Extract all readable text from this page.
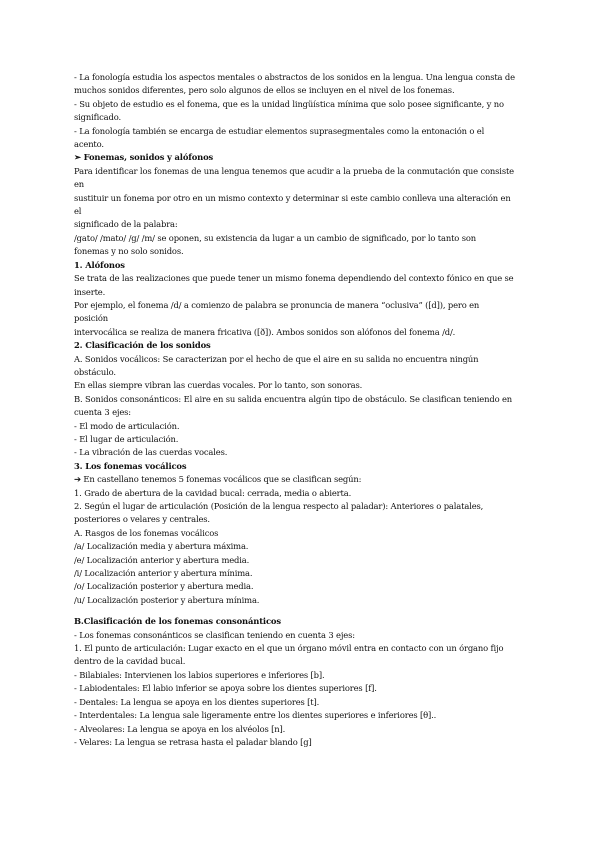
- La fonología estudia los aspectos mentales o abstractos de los sonidos en la lengua. Una lengua consta de
muchos sonidos diferentes, pero solo algunos de ellos se incluyen en el nivel de los fonemas.
- Su objeto de estudio es el fonema, que es la unidad lingüística mínima que solo posee significante, y no
significado.
- La fonología también se encarga de estudiar elementos suprasegmentales como la entonación o el
acento.
➢ Fonemas, sonidos y alófonos
Para identificar los fonemas de una lengua tenemos que acudir a la prueba de la conmutación que consiste
en
sustituir un fonema por otro en un mismo contexto y determinar si este cambio conlleva una alteración en
el
significado de la palabra:
/gato/ /mato/ /g/ /m/ se oponen, su existencia da lugar a un cambio de significado, por lo tanto son
fonemas y no solo sonidos.
1. Alófonos
Se trata de las realizaciones que puede tener un mismo fonema dependiendo del contexto fónico en que se
inserte.
Por ejemplo, el fonema /d/ a comienzo de palabra se pronuncia de manera “oclusiva” ([d]), pero en
posición
intervocálica se realiza de manera fricativa ([ð]). Ambos sonidos son alófonos del fonema /d/.
2. Clasificación de los sonidos
A. Sonidos vocálicos: Se caracterizan por el hecho de que el aire en su salida no encuentra ningún
obstáculo.
En ellas siempre vibran las cuerdas vocales. Por lo tanto, son sonoras.
B. Sonidos consonánticos: El aire en su salida encuentra algún tipo de obstáculo. Se clasifican teniendo en
cuenta 3 ejes:
- El modo de articulación.
- El lugar de articulación.
- La vibración de las cuerdas vocales.
3. Los fonemas vocálicos
➔ En castellano tenemos 5 fonemas vocálicos que se clasifican según:
1. Grado de abertura de la cavidad bucal: cerrada, media o abierta.
2. Según el lugar de articulación (Posición de la lengua respecto al paladar): Anteriores o palatales,
posteriores o velares y centrales.
A. Rasgos de los fonemas vocálicos
/a/ Localización media y abertura máxima.
/e/ Localización anterior y abertura media.
/i/ Localización anterior y abertura mínima.
/o/ Localización posterior y abertura media.
/u/ Localización posterior y abertura mínima.
B.Clasificación de los fonemas consonánticos
- Los fonemas consonánticos se clasifican teniendo en cuenta 3 ejes:
1. El punto de articulación: Lugar exacto en el que un órgano móvil entra en contacto con un órgano fijo
dentro de la cavidad bucal.
- Bilabiales: Intervienen los labios superiores e inferiores [b].
- Labiodentales: El labio inferior se apoya sobre los dientes superiores [f].
- Dentales: La lengua se apoya en los dientes superiores [t].
- Interdentales: La lengua sale ligeramente entre los dientes superiores e inferiores [θ]..
- Alveolares: La lengua se apoya en los alvéolos [n].
- Velares: La lengua se retrasa hasta el paladar blando [g]
